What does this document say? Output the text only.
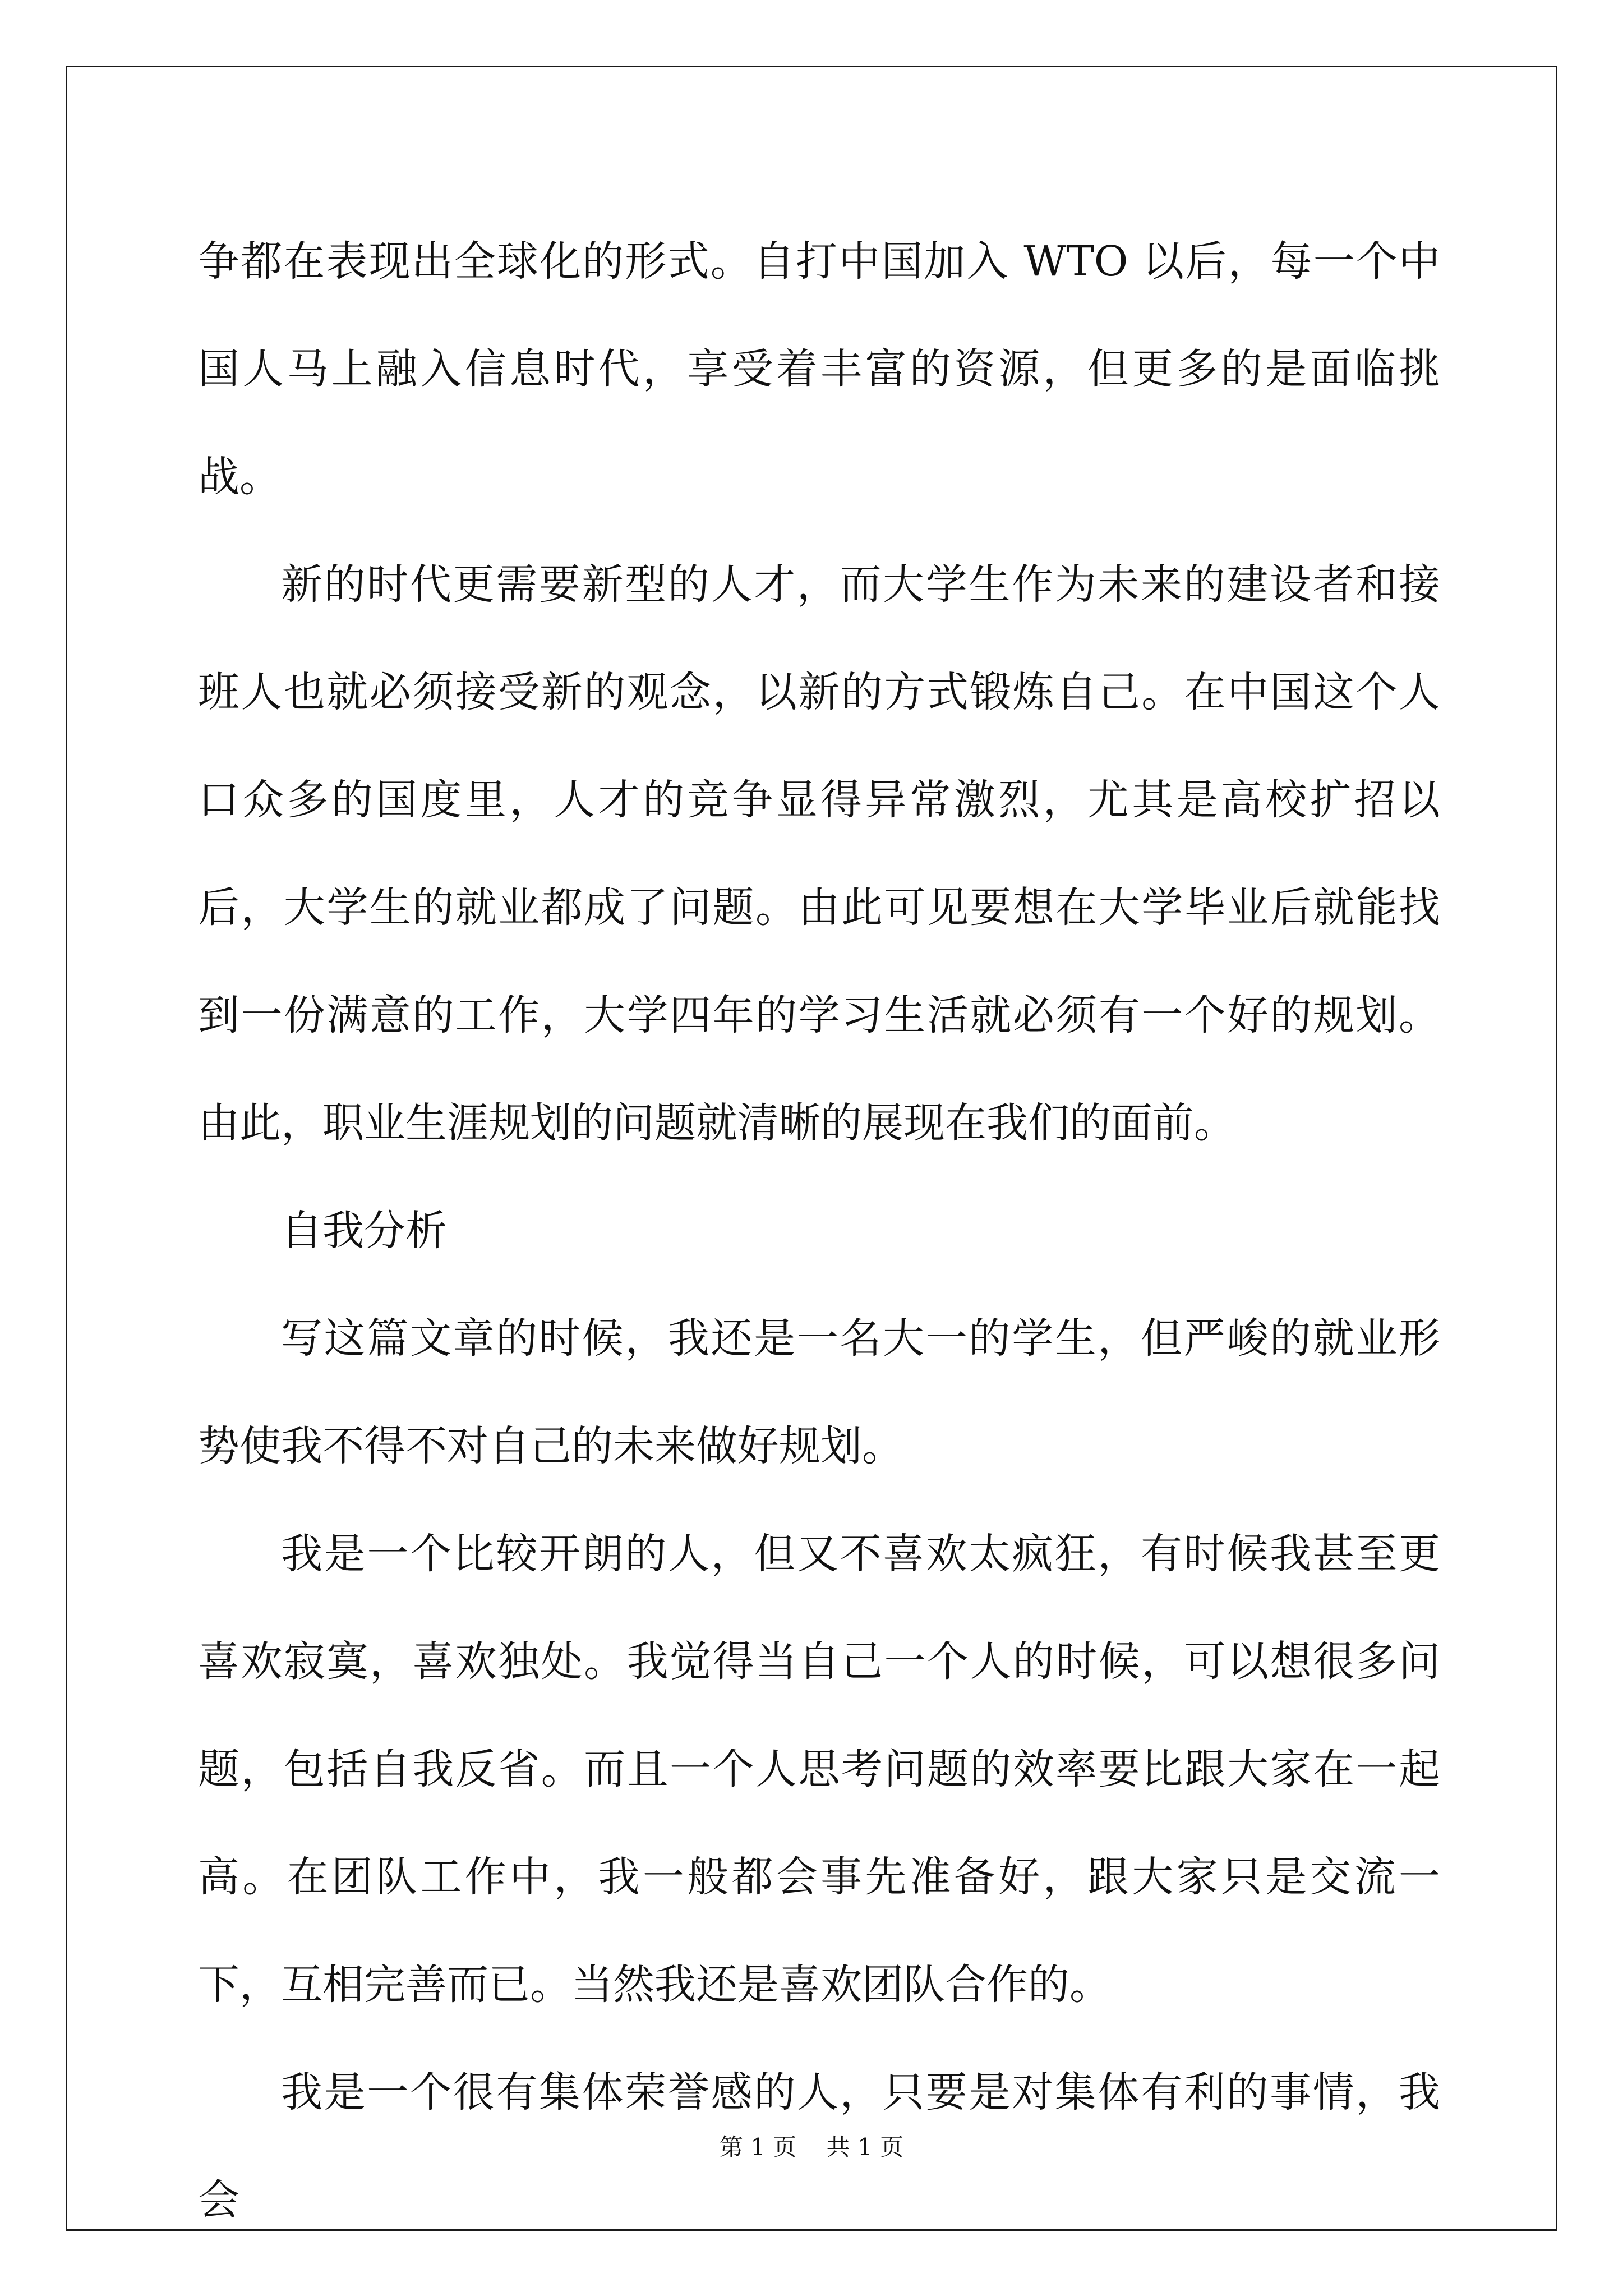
争都在表现出全球化的形式。自打中国加入 WTO 以后，每一个中国人马上融入信息时代，享受着丰富的资源，但更多的是面临挑战。

新的时代更需要新型的人才，而大学生作为未来的建设者和接班人也就必须接受新的观念，以新的方式锻炼自己。在中国这个人口众多的国度里，人才的竞争显得异常激烈，尤其是高校扩招以后，大学生的就业都成了问题。由此可见要想在大学毕业后就能找到一份满意的工作，大学四年的学习生活就必须有一个好的规划。由此，职业生涯规划的问题就清晰的展现在我们的面前。

自我分析

写这篇文章的时候，我还是一名大一的学生，但严峻的就业形势使我不得不对自己的未来做好规划。

我是一个比较开朗的人，但又不喜欢太疯狂，有时候我甚至更喜欢寂寞，喜欢独处。我觉得当自己一个人的时候，可以想很多问题，包括自我反省。而且一个人思考问题的效率要比跟大家在一起高。在团队工作中，我一般都会事先准备好，跟大家只是交流一下，互相完善而已。当然我还是喜欢团队合作的。

我是一个很有集体荣誉感的人，只要是对集体有利的事情，我会

第 1 页 共 1 页
